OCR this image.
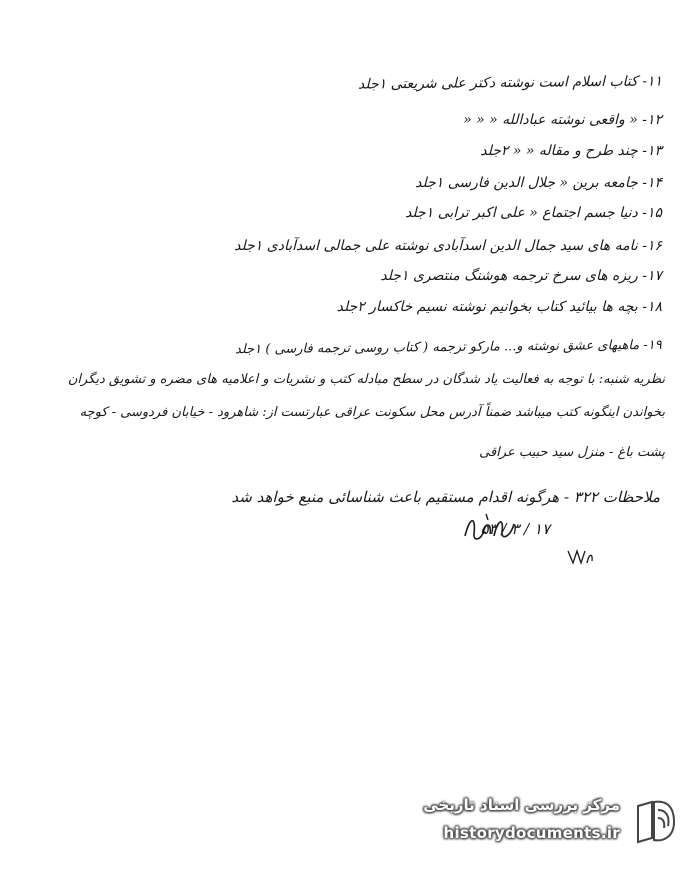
۱۱- کتاب اسلام است نوشته دکتر علی شریعتی ۱جلد
۱۲- « واقعی نوشته عبادالله « « «
۱۳- چند طرح و مقاله « « ۲جلد
۱۴- جامعه برین « جلال الدین فارسی ۱جلد
۱۵- دنیا جسم اجتماع « علی اکبر ترابی ۱جلد
۱۶- نامه های سید جمال الدین اسدآبادی نوشته علی جمالی اسدآبادی ۱جلد
۱۷- ریزه های سرخ ترجمه هوشنگ منتصری ۱جلد
۱۸- بچه ها بیائید کتاب بخوانیم نوشته نسیم خاکسار ۲جلد
۱۹- ماهیهای عشق نوشته و... مارکو ترجمه ( کتاب روسی ترجمه فارسی ) ۱جلد
نظریه شنبه: با توجه به فعالیت یاد شدگان در سطح مبادله کتب و نشریات و اعلامیه های مضره و تشویق دیگران
بخواندن اینگونه کتب میباشد ضمناً آدرس محل سکونت عراقی عبارتست از: شاهرود - خیابان فردوسی - کوچه
پشت باغ - منزل سید حبیب عراقی
ملاحظات ۳۲۲ - هرگونه اقدام مستقیم باعث شناسائی منبع خواهد شد
۵۳ / ۳ / ۱۷
مرکز بررسی اسناد تاریخی
historydocuments.ir
